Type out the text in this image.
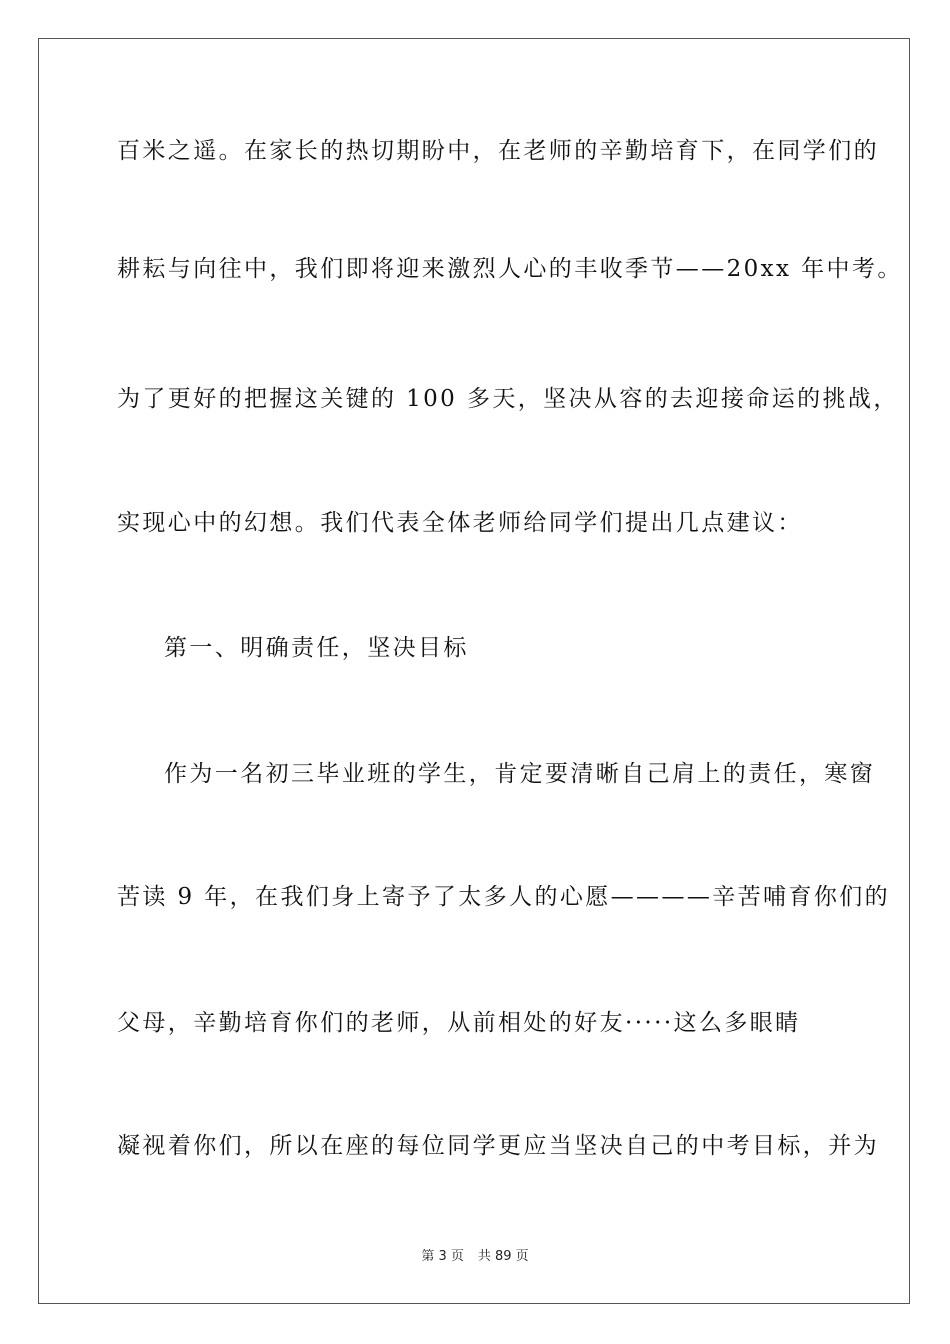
百米之遥。在家长的热切期盼中，在老师的辛勤培育下，在同学们的
耕耘与向往中，我们即将迎来激烈人心的丰收季节——20xx 年中考。
为了更好的把握这关键的 100 多天，坚决从容的去迎接命运的挑战，
实现心中的幻想。我们代表全体老师给同学们提出几点建议：
第一、明确责任，坚决目标
作为一名初三毕业班的学生，肯定要清晰自己肩上的责任，寒窗
苦读 9 年，在我们身上寄予了太多人的心愿————辛苦哺育你们的
父母，辛勤培育你们的老师，从前相处的好友·····这么多眼睛
凝视着你们，所以在座的每位同学更应当坚决自己的中考目标，并为
第 3 页 共 89 页
